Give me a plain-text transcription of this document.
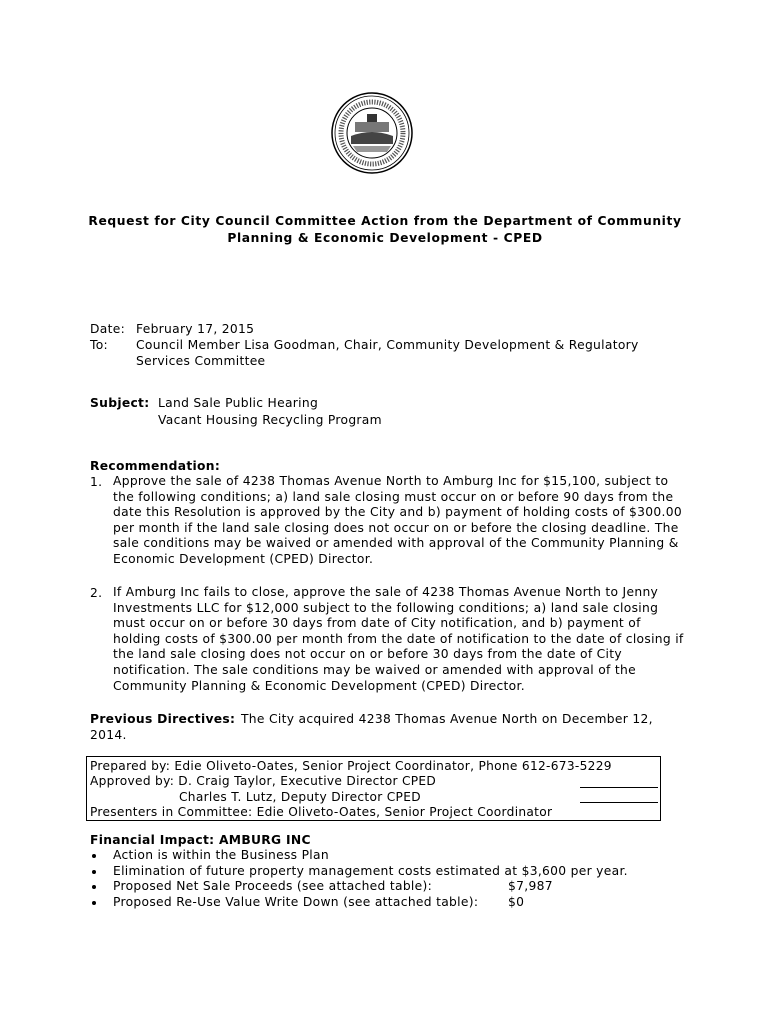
Request for City Council Committee Action from the Department of Community
Planning & Economic Development - CPED
Date: February 17, 2015
To: Council Member Lisa Goodman, Chair, Community Development & Regulatory
Services Committee
Subject: Land Sale Public Hearing
Vacant Housing Recycling Program
Recommendation:
1. Approve the sale of 4238 Thomas Avenue North to Amburg Inc for $15,100, subject to
the following conditions; a) land sale closing must occur on or before 90 days from the
date this Resolution is approved by the City and b) payment of holding costs of $300.00
per month if the land sale closing does not occur on or before the closing deadline. The
sale conditions may be waived or amended with approval of the Community Planning &
Economic Development (CPED) Director.
2. If Amburg Inc fails to close, approve the sale of 4238 Thomas Avenue North to Jenny
Investments LLC for $12,000 subject to the following conditions; a) land sale closing
must occur on or before 30 days from date of City notification, and b) payment of
holding costs of $300.00 per month from the date of notification to the date of closing if
the land sale closing does not occur on or before 30 days from the date of City
notification. The sale conditions may be waived or amended with approval of the
Community Planning & Economic Development (CPED) Director.
Previous Directives: The City acquired 4238 Thomas Avenue North on December 12,
2014.
Prepared by: Edie Oliveto-Oates, Senior Project Coordinator, Phone 612-673-5229
Approved by: D. Craig Taylor, Executive Director CPED
Charles T. Lutz, Deputy Director CPED
Presenters in Committee: Edie Oliveto-Oates, Senior Project Coordinator
Financial Impact: AMBURG INC
Action is within the Business Plan
Elimination of future property management costs estimated at $3,600 per year.
Proposed Net Sale Proceeds (see attached table):	$7,987
Proposed Re-Use Value Write Down (see attached table): $0
